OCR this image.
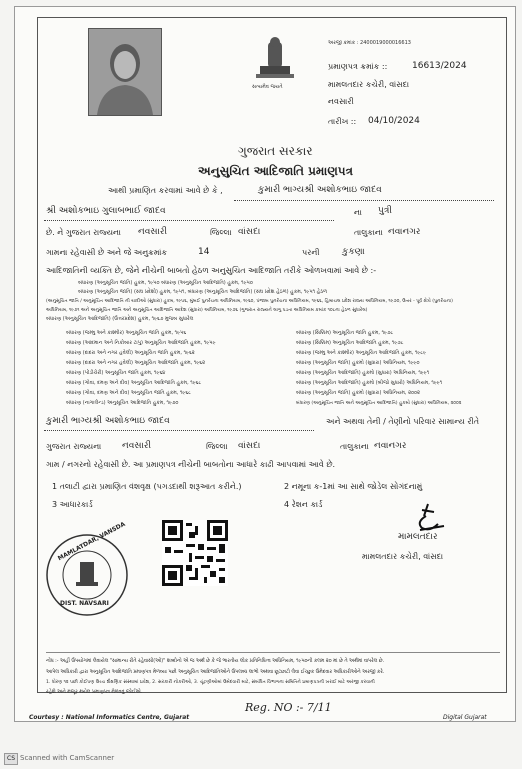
સત્યમેવ જયતે
અરજી ક્રમાંક : 2400019000016613
પ્રમાણપત્ર ક્રમાંક ::	16613/2024
મામલતદાર કચેરી, વાંસદા
નવસારી
તારીખ :: 04/10/2024
ગુજરાત સરકાર
અનુસુચિત આદિજાતિ પ્રમાણપત્ર
આથી પ્રમાણિત કરવામાં આવે છે કે ,	કુમારી ભાગ્યશ્રી અશોકભાઇ જાદવ
શ્રી અશોકભાઇ ગુલાબભાઈ જાદવ	ના પુત્રી
છે. ને ગુજરાત રાજ્યના નવસારી	જિલ્લા વાંસદા	તાલુકાના નવાનગર
ગામના રહેવાસી છે અને જે અનુક્રમાંક	14	પરની કુકણા
આદિજાતિની વ્યક્તિ છે, જેને નીચેની બાબતો હેઠળ અનુસુચિત આદિજાતિ તરીકે ઓળખવામાં આવે છે :-
બંધારણ (અનુસૂચિત જાતિ) હુકમ, ૧૯૫૦ બંધારણ (અનુસૂચિત આદિજાતિ) હુકમ, ૧૯૫૦
બંધારણ (અનુસૂચિત જાતિ) (સંઘ પ્રદેશો) હુકમ, ૧૯૫૧, બંધારણ (અનુસૂચિત આદિજાતિ) (સંઘ પ્રદેશ હેઠળ) હુકમ, ૧૯૫૧ હેઠળ
(અનુસૂચિત જાતિ / અનુસૂચિત આદિજાતિ ની યાદીઓ (સુધારા) હુકમ, ૧૯૫૬, મુંબઈ પુનર્રચના અધિનિયમ, ૧૯૬૦, પંજાબ પુનર્રચના અધિનિયમ, ૧૯૬૬, હિમાચલ પ્રદેશ રાજ્ય અધિનિયમ, ૧૯૭૦, ઉત્તર - પૂર્વ ક્ષેત્રો (પુનર્રચના)
અધિનિયમ, ૧૯૭૧ અને અનુસૂચિત જાતિ અને અનુસૂચિત આદિજાતિ આદેશ (સુધારા) અધિનિયમ, ૧૯૭૬ (ગુજરાત રાજ્યને લાગુ પડતા અધિનિયમ ક્રમાંક ૧૦૮ના હેઠળ સુધારેલ)
બંધારણ (અનુસૂચિત આદિજાતિ) (ઉત્તરપ્રદેશ) હુકમ, ૧૯૬૭ મુજબ સુધારેલ
બંધારણ (જમ્મુ અને કાશ્મીર) અનુસૂચિત જાતિ હુકમ, ૧૯૫૬
બંધારણ (આંદમાન અને નિકોબાર ટાપુ) અનુસૂચિત આદિજાતિ હુકમ, ૧૯૫૯
બંધારણ (દાદરા અને નગર હવેલી) અનુસૂચિત જાતિ હુકમ, ૧૯૬૨
બંધારણ (દાદરા અને નગર હવેલી) અનુસૂચિત આદિજાતિ હુકમ, ૧૯૬૨
બંધારણ (પોંડીચેરી) અનુસૂચિત જાતિ હુકમ, ૧૯૬૪
બંધારણ (ગોવા, દમણ અને દીવ) અનુસૂચિત આદિજાતિ હુકમ, ૧૯૬૮
બંધારણ (ગોવા, દમણ અને દીવ) અનુસૂચિત જાતિ હુકમ, ૧૯૬૮
બંધારણ (નાગાલેન્ડ) અનુસૂચિત આદિજાતિ હુકમ, ૧૯૭૦
બંધારણ (સિક્કિમ) અનુસૂચિત જાતિ હુકમ, ૧૯૭૮
બંધારણ (સિક્કિમ) અનુસૂચિત આદિજાતિ હુકમ, ૧૯૭૮
બંધારણ (જમ્મુ અને કાશ્મીર) અનુસૂચિત આદિજાતિ હુકમ, ૧૯૮૯
બંધારણ (અનુસૂચિત જાતિ) હુકમો (સુધારા) અધિનિયમ, ૧૯૯૦
બંધારણ (અનુસૂચિત આદિજાતિ) હુકમો (સુધારા) અધિનિયમ, ૧૯૯૧
બંધારણ (અનુસૂચિત આદિજાતિ) હુકમો (બીજો સુધારો) અધિનિયમ, ૧૯૯૧
બંધારણ (અનુસૂચિત જાતિ) હુકમો (સુધારા) અધિનિયમ, ૨૦૦૨
બંધારણ (અનુસૂચિત જાતિ અને અનુસૂચિત આદિજાતિ) હુકમો (સુધારા) અધિનિયમ, ૨૦૦૨
કુમારી ભાગ્યશ્રી અશોકભાઇ જાદવ	અને અથવા તેની / તેણીનો પરિવાર સામાન્ય રીતે
ગુજરાત રાજ્યના નવસારી	જિલ્લા વાંસદા	તાલુકાના નવાનગર
ગામ / નગરનો રહેવાસી છે. આ પ્રમાણપત્ર નીચેની બાબતોના આધારે કાઢી આપવામાં આવે છે.
1 તલાટી દ્વારા પ્રમાણિત વંશવૃક્ષ (પગડદાથી શરૂઆત કરીને.)	2 નમૂના ક-1માં આ સાથે જોડેલ સોગંદનામું
3 આધારકાર્ડ	4 રેશન કાર્ડ
મામલતદાર
મામલતદાર કચેરી, વાંસદા
MAMLATDAR, VANSDA
DIST. NAVSARI
નોંધ :- અહીં ઉપયોગમાં લેવાયેલ "સામાન્ય રીતે રહેવાસી(ઓ)" શબ્દોનો એ જ અર્થ છે કે જે ભારતીય લોક પ્રતિનિધિત્વ અધિનિયમ, ૧૯૫૦ની કલમ ૨૦ માં છે તે અર્થમાં વાપરેલ છે.
આપેલ અધિકારી દ્વારા અનુસૂચિત આદિજાતિ પ્રમાણપત્ર મેળવ્યા પછી અનુસૂચિત આદિજાતિઓને ઉપલબ્ધ લાભો અથવા છૂટછાટો લેવા ઈચ્છુક ઉમેદવાર અધિકારીઓને અરજી કરે.
1. ધોરણ ૧૨ પછી કોઈપણ ઉચ્ચ શૈક્ષણિક સંસ્થામાં પ્રવેશ, 2. સરકારી નોકરીઓ, 3. ચૂંટણીઓમાં ઉમેદવારી માટે, સંબંધિત વિભાગના સમિતિને પ્રમાણપત્રની ખરાઈ માટે અરજી કરવાની
રહેશે અને મંજૂર થયેલ પ્રમાણપત્ર મેળવવું જોઈએ.
Reg. NO :- 7/11
Courtesy : National Informatics Centre, Gujarat	Digital Gujarat
CS Scanned with CamScanner
